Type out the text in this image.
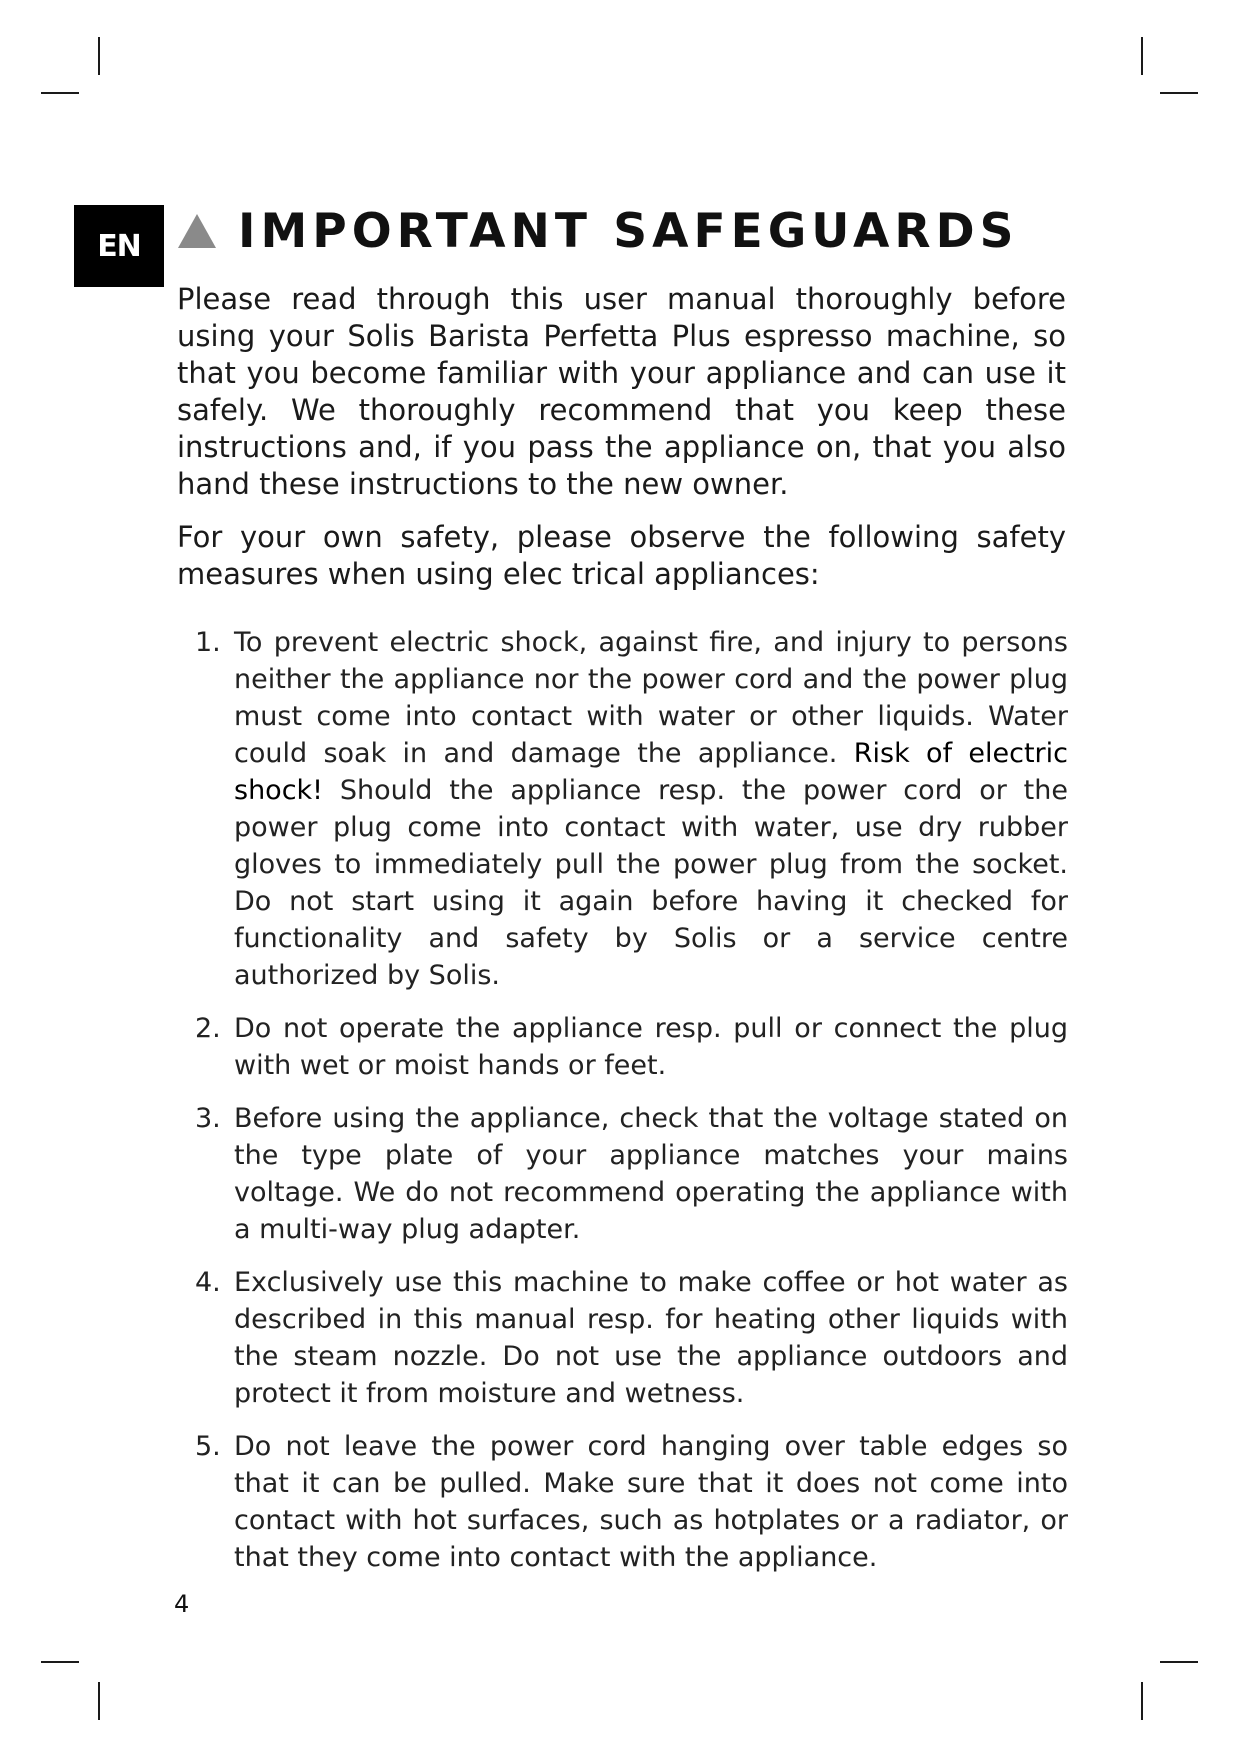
EN	IMPORTANT SAFEGUARDS

Please read through this user manual thoroughly before using your Solis Barista Perfetta Plus espresso machine, so that you become familiar with your appliance and can use it safely. We thoroughly recommend that you keep these instructions and, if you pass the appliance on, that you also hand these instructions to the new owner.

For your own safety, please observe the following safety measures when using elec trical appliances:

1. To prevent electric shock, against fire, and injury to persons neither the appliance nor the power cord and the power plug must come into contact with water or other liquids. Water could soak in and damage the appliance. Risk of electric shock! Should the appliance resp. the power cord or the power plug come into contact with water, use dry rubber gloves to immediately pull the power plug from the socket. Do not start using it again before having it checked for functionality and safety by Solis or a service centre authorized by Solis.
2. Do not operate the appliance resp. pull or connect the plug with wet or moist hands or feet.
3. Before using the appliance, check that the voltage stated on the type plate of your appliance matches your mains voltage. We do not recommend operating the appliance with a multi-way plug adapter.
4. Exclusively use this machine to make coffee or hot water as described in this manual resp. for heating other liquids with the steam nozzle. Do not use the appliance outdoors and protect it from moisture and wetness.
5. Do not leave the power cord hanging over table edges so that it can be pulled. Make sure that it does not come into contact with hot surfaces, such as hotplates or a radiator, or that they come into contact with the appliance.
4
